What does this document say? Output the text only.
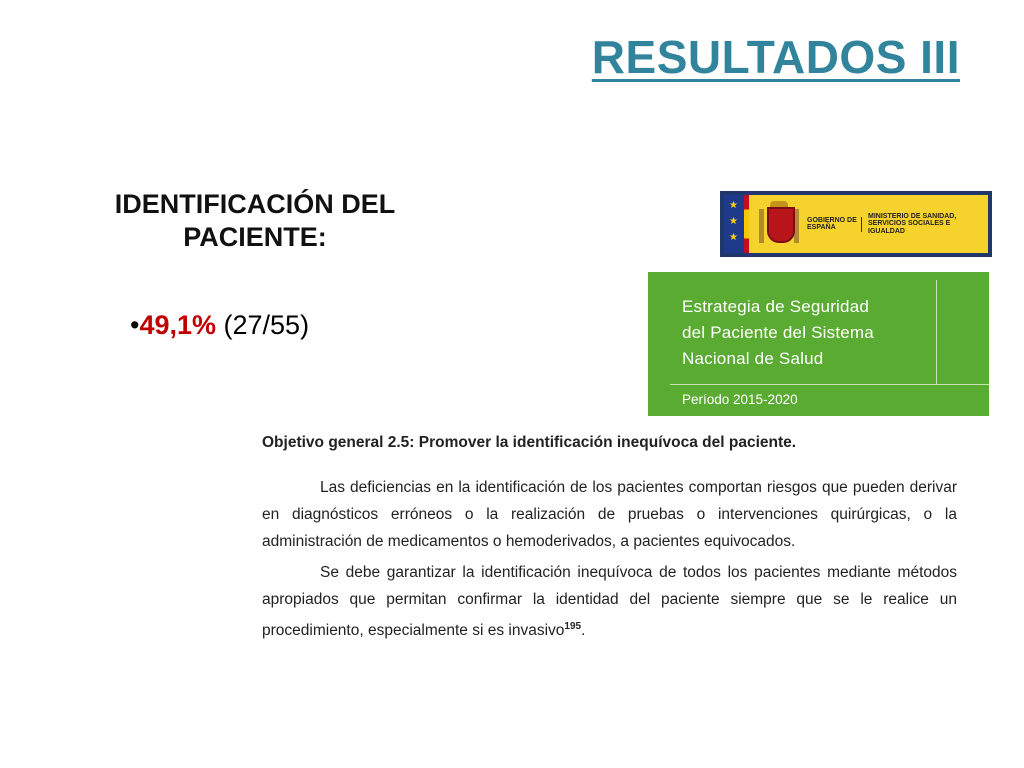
RESULTADOS III
IDENTIFICACIÓN DEL PACIENTE:
•49,1% (27/55)
★
★
★
GOBIERNO DE ESPAÑA
MINISTERIO DE SANIDAD, SERVICIOS SOCIALES E IGUALDAD
Estrategia de Seguridad
del Paciente del Sistema
Nacional de Salud
Período 2015-2020
Objetivo general 2.5: Promover la identificación inequívoca del paciente.

Las deficiencias en la identificación de los pacientes comportan riesgos que pueden derivar en diagnósticos erróneos o la realización de pruebas o intervenciones quirúrgicas, o la administración de medicamentos o hemoderivados, a pacientes equivocados.

Se debe garantizar la identificación inequívoca de todos los pacientes mediante métodos apropiados que permitan confirmar la identidad del paciente siempre que se le realice un procedimiento, especialmente si es invasivo$^{195}$.
